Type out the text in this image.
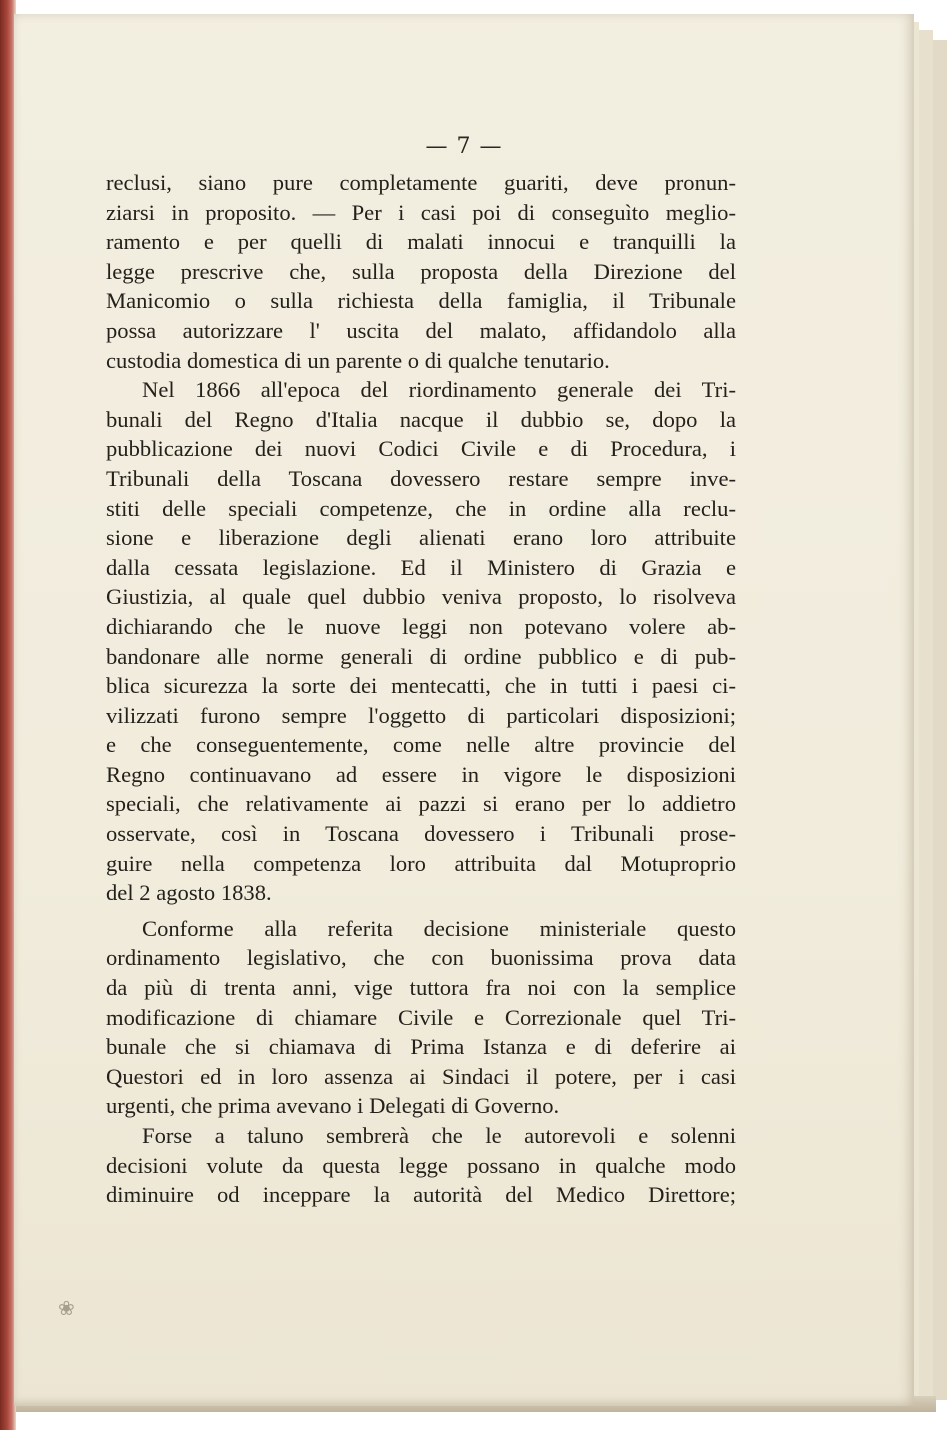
— 7 —
reclusi, siano pure completamente guariti, deve pronun-
ziarsi in proposito. — Per i casi poi di conseguìto meglio-
ramento e per quelli di malati innocui e tranquilli la
legge prescrive che, sulla proposta della Direzione del
Manicomio o sulla richiesta della famiglia, il Tribunale
possa autorizzare l' uscita del malato, affidandolo alla
custodia domestica di un parente o di qualche tenutario.
Nel 1866 all'epoca del riordinamento generale dei Tri-
bunali del Regno d'Italia nacque il dubbio se, dopo la
pubblicazione dei nuovi Codici Civile e di Procedura, i
Tribunali della Toscana dovessero restare sempre inve-
stiti delle speciali competenze, che in ordine alla reclu-
sione e liberazione degli alienati erano loro attribuite
dalla cessata legislazione. Ed il Ministero di Grazia e
Giustizia, al quale quel dubbio veniva proposto, lo risolveva
dichiarando che le nuove leggi non potevano volere ab-
bandonare alle norme generali di ordine pubblico e di pub-
blica sicurezza la sorte dei mentecatti, che in tutti i paesi ci-
vilizzati furono sempre l'oggetto di particolari disposizioni;
e che conseguentemente, come nelle altre provincie del
Regno continuavano ad essere in vigore le disposizioni
speciali, che relativamente ai pazzi si erano per lo addietro
osservate, così in Toscana dovessero i Tribunali prose-
guire nella competenza loro attribuita dal Motuproprio
del 2 agosto 1838.
Conforme alla referita decisione ministeriale questo
ordinamento legislativo, che con buonissima prova data
da più di trenta anni, vige tuttora fra noi con la semplice
modificazione di chiamare Civile e Correzionale quel Tri-
bunale che si chiamava di Prima Istanza e di deferire ai
Questori ed in loro assenza ai Sindaci il potere, per i casi
urgenti, che prima avevano i Delegati di Governo.
Forse a taluno sembrerà che le autorevoli e solenni
decisioni volute da questa legge possano in qualche modo
diminuire od inceppare la autorità del Medico Direttore;
❀
